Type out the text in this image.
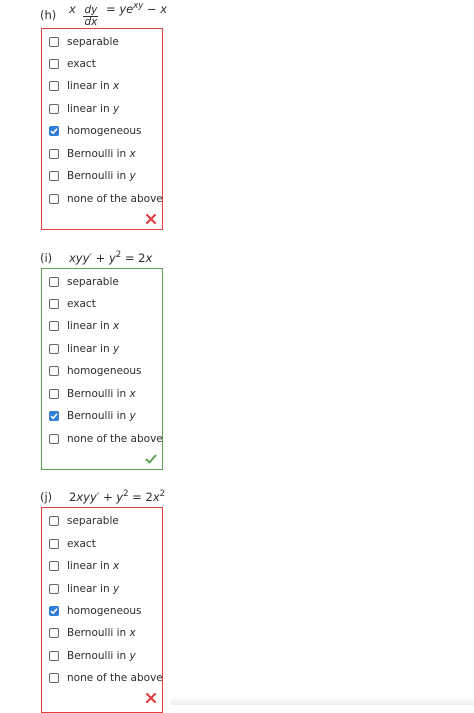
(h)	x $\frac{dy}{dx} = ye^{xy} - x$
separable
exact
linear in
x
linear in
y
homogeneous
Bernoulli in
x
Bernoulli in
y
none of the above
(i)	$xyy' + y^2 = 2x$
separable
exact
linear in
x
linear in
y
homogeneous
Bernoulli in
x
Bernoulli in
y
none of the above
(j)	$2xyy' + y^2 = 2x^2$
separable
exact
linear in
x
linear in
y
homogeneous
Bernoulli in
x
Bernoulli in
y
none of the above
